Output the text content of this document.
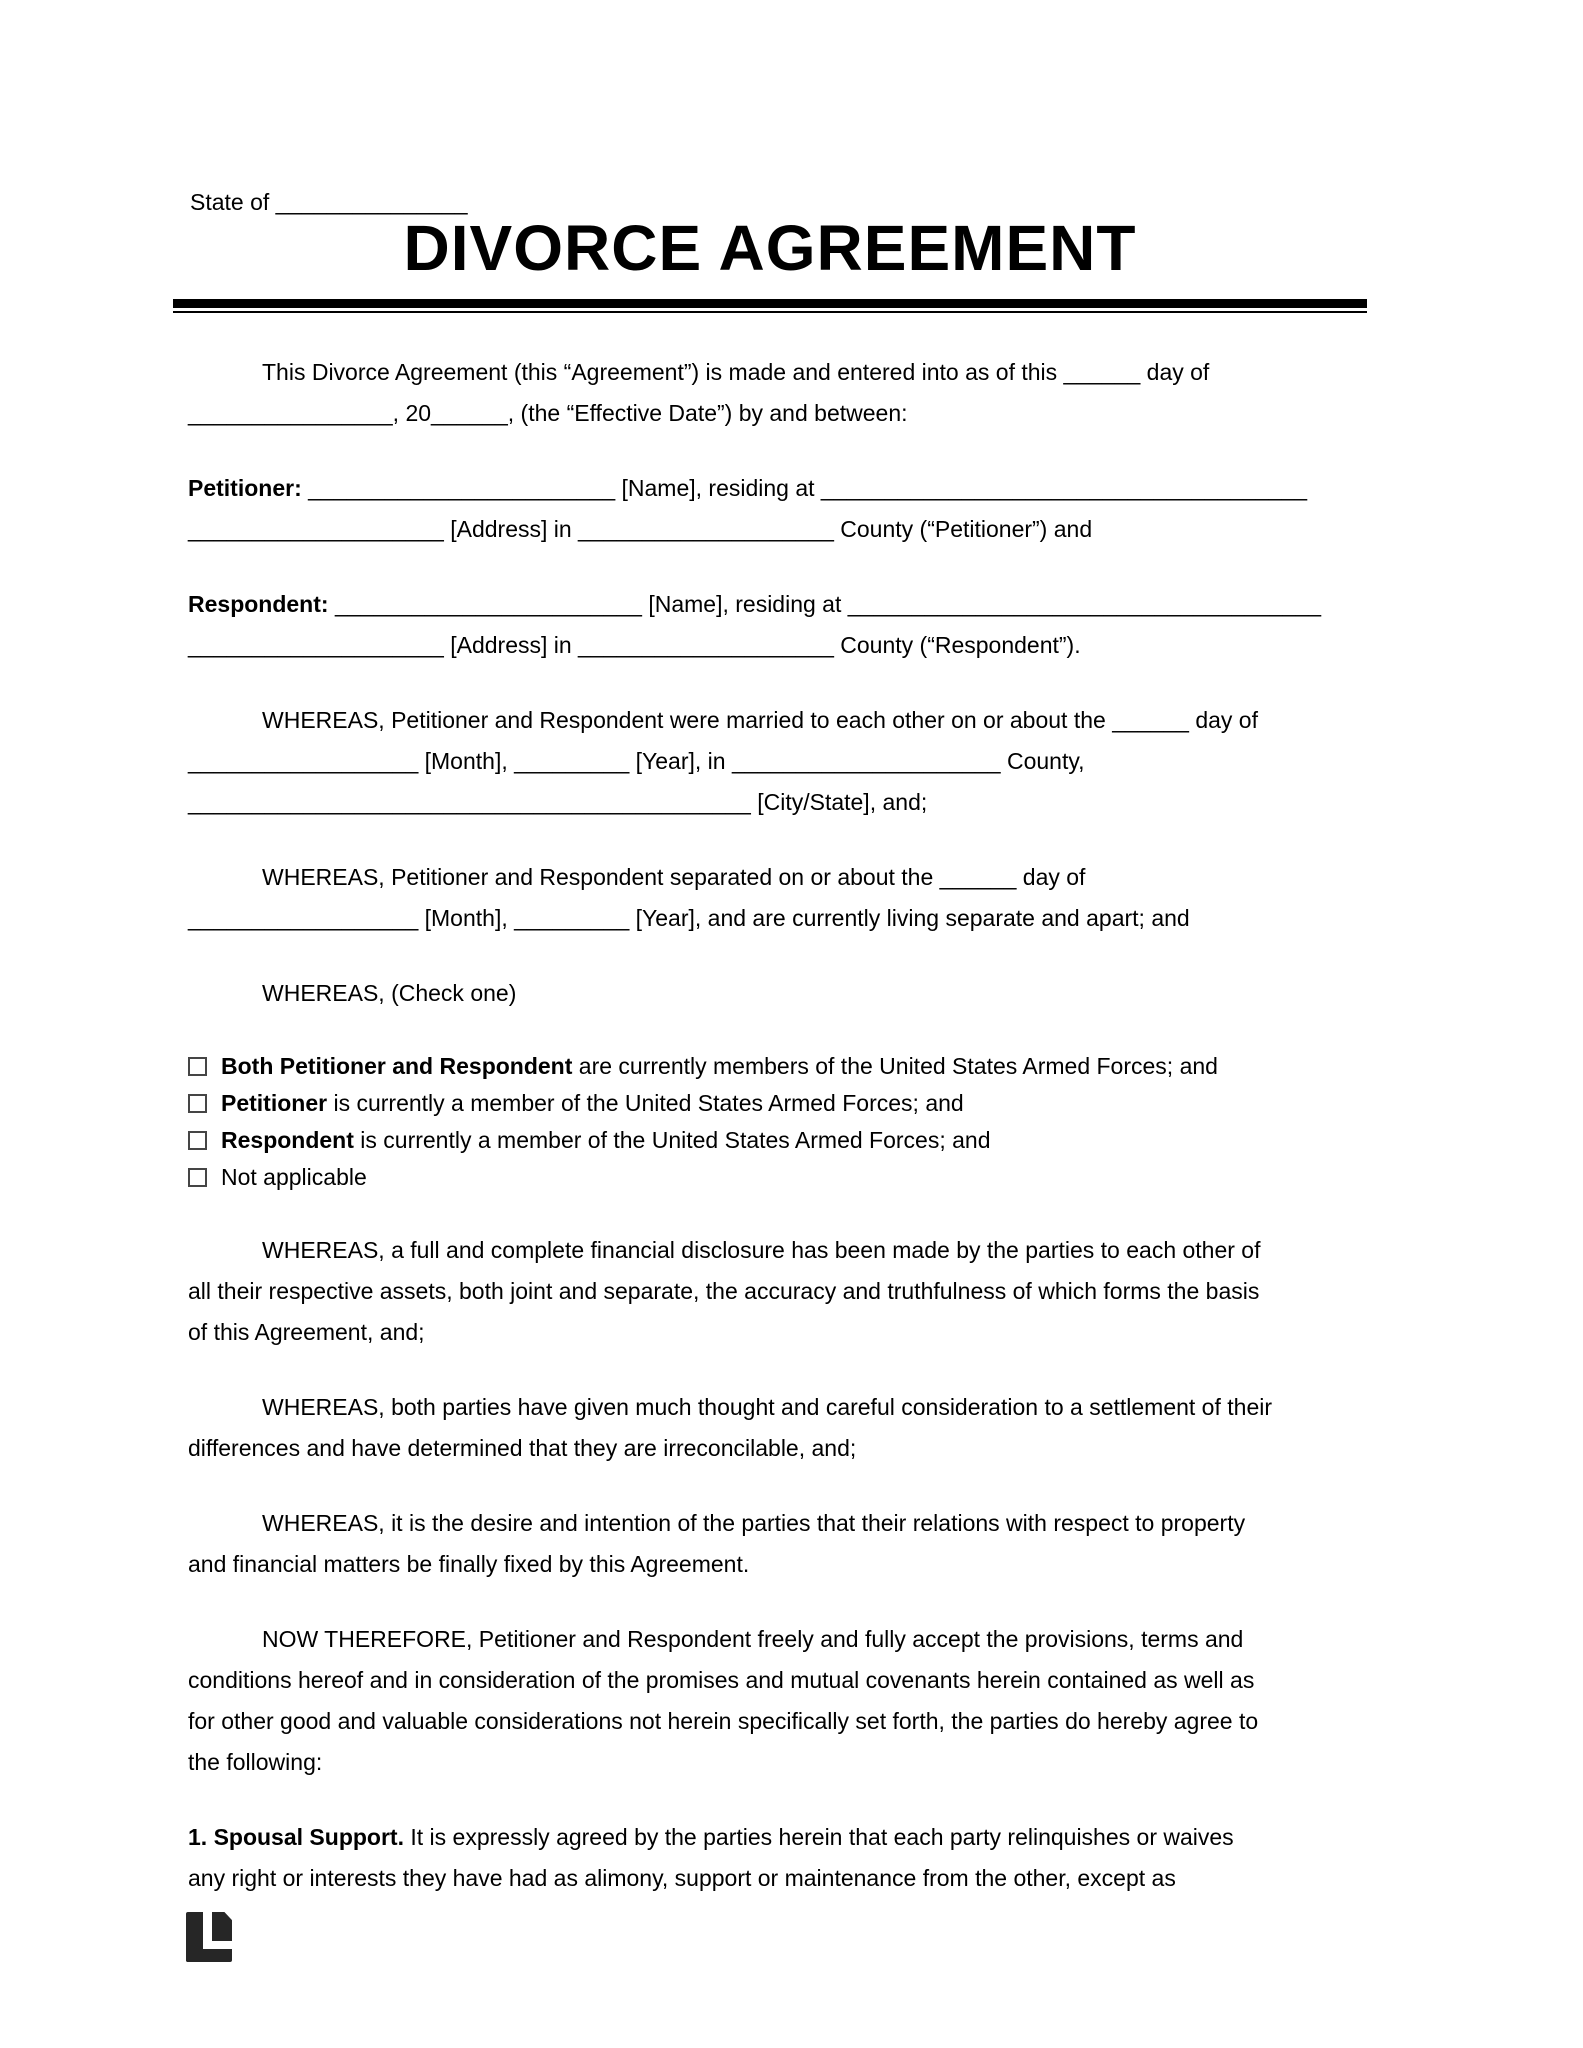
State of _______________
DIVORCE AGREEMENT
This Divorce Agreement (this “Agreement”) is made and entered into as of this ______ day of
________________, 20______, (the “Effective Date”) by and between:
Petitioner: ________________________ [Name], residing at ______________________________________
____________________ [Address] in ____________________ County (“Petitioner”) and
Respondent: ________________________ [Name], residing at _____________________________________
____________________ [Address] in ____________________ County (“Respondent”).
WHEREAS, Petitioner and Respondent were married to each other on or about the ______ day of
__________________ [Month], _________ [Year], in _____________________ County,
____________________________________________ [City/State], and;
WHEREAS, Petitioner and Respondent separated on or about the ______ day of
__________________ [Month], _________ [Year], and are currently living separate and apart; and
WHEREAS, (Check one)
Both Petitioner and Respondent are currently members of the United States Armed Forces; and
Petitioner is currently a member of the United States Armed Forces; and
Respondent is currently a member of the United States Armed Forces; and
Not applicable
WHEREAS, a full and complete financial disclosure has been made by the parties to each other of
all their respective assets, both joint and separate, the accuracy and truthfulness of which forms the basis
of this Agreement, and;
WHEREAS, both parties have given much thought and careful consideration to a settlement of their
differences and have determined that they are irreconcilable, and;
WHEREAS, it is the desire and intention of the parties that their relations with respect to property
and financial matters be finally fixed by this Agreement.
NOW THEREFORE, Petitioner and Respondent freely and fully accept the provisions, terms and
conditions hereof and in consideration of the promises and mutual covenants herein contained as well as
for other good and valuable considerations not herein specifically set forth, the parties do hereby agree to
the following:
1. Spousal Support. It is expressly agreed by the parties herein that each party relinquishes or waives
any right or interests they have had as alimony, support or maintenance from the other, except as
